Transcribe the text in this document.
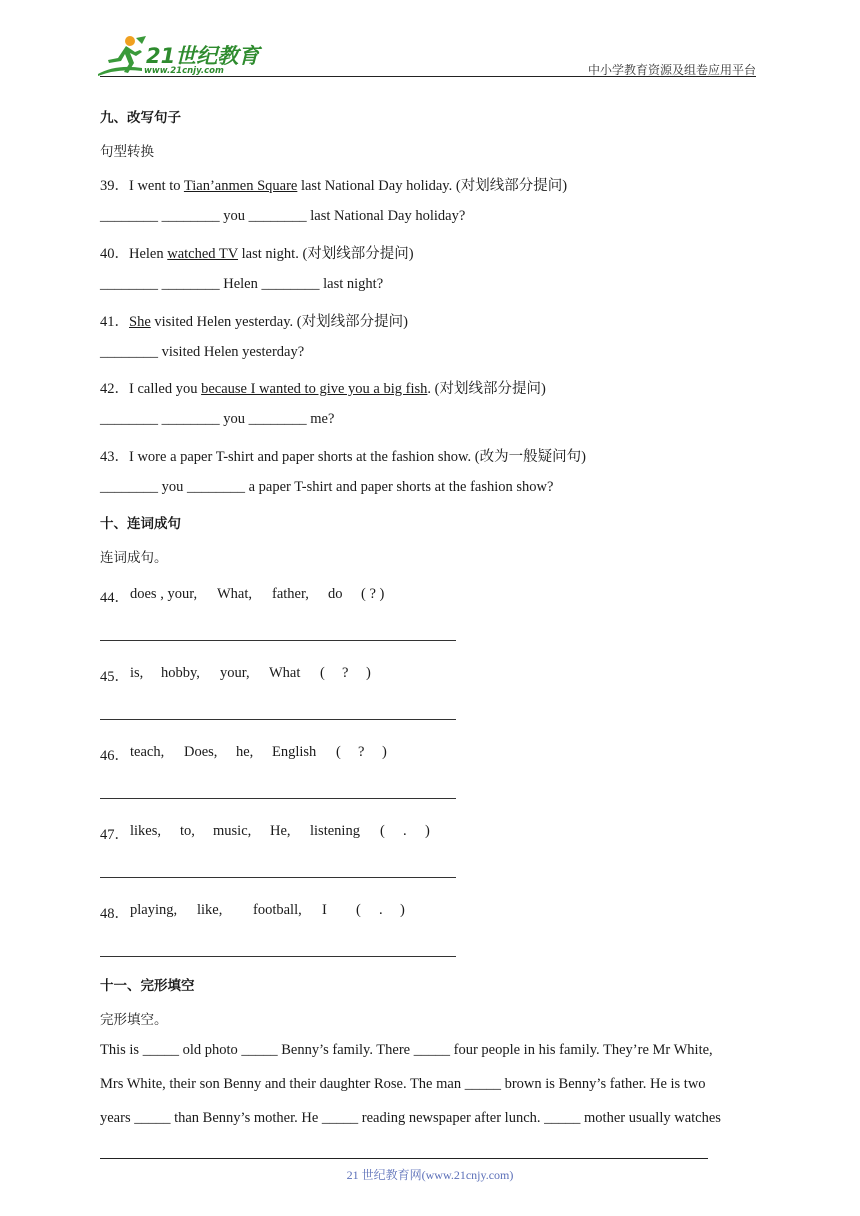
21世纪教育
www.21cnjy.com	中小学教育资源及组卷应用平台
九、改写句子
句型转换
39．I went to Tian’anmen Square last National Day holiday. (对划线部分提问)
________ ________ you ________ last National Day holiday?
40．Helen watched TV last night. (对划线部分提问)
________ ________ Helen ________ last night?
41．She visited Helen yesterday. (对划线部分提问)
________ visited Helen yesterday?
42．I called you because I wanted to give you a big fish. (对划线部分提问)
________ ________ you ________ me?
43．I wore a paper T-shirt and paper shorts at the fashion show. (改为一般疑问句)
________ you ________ a paper T-shirt and paper shorts at the fashion show?
十、连词成句
连词成句。
44． does , your, What, father, do ( ? )
45． is, hobby, your, What ( ? )
46． teach, Does, he, English ( ? )
47． likes, to, music, He, listening ( . )
48． playing, like, football, I ( . )
十一、完形填空
完形填空。
This is _____ old photo _____ Benny’s family. There _____ four people in his family. They’re Mr White,
Mrs White, their son Benny and their daughter Rose. The man _____ brown is Benny’s father. He is two
years _____ than Benny’s mother. He _____ reading newspaper after lunch. _____ mother usually watches
21 世纪教育网(www.21cnjy.com)
